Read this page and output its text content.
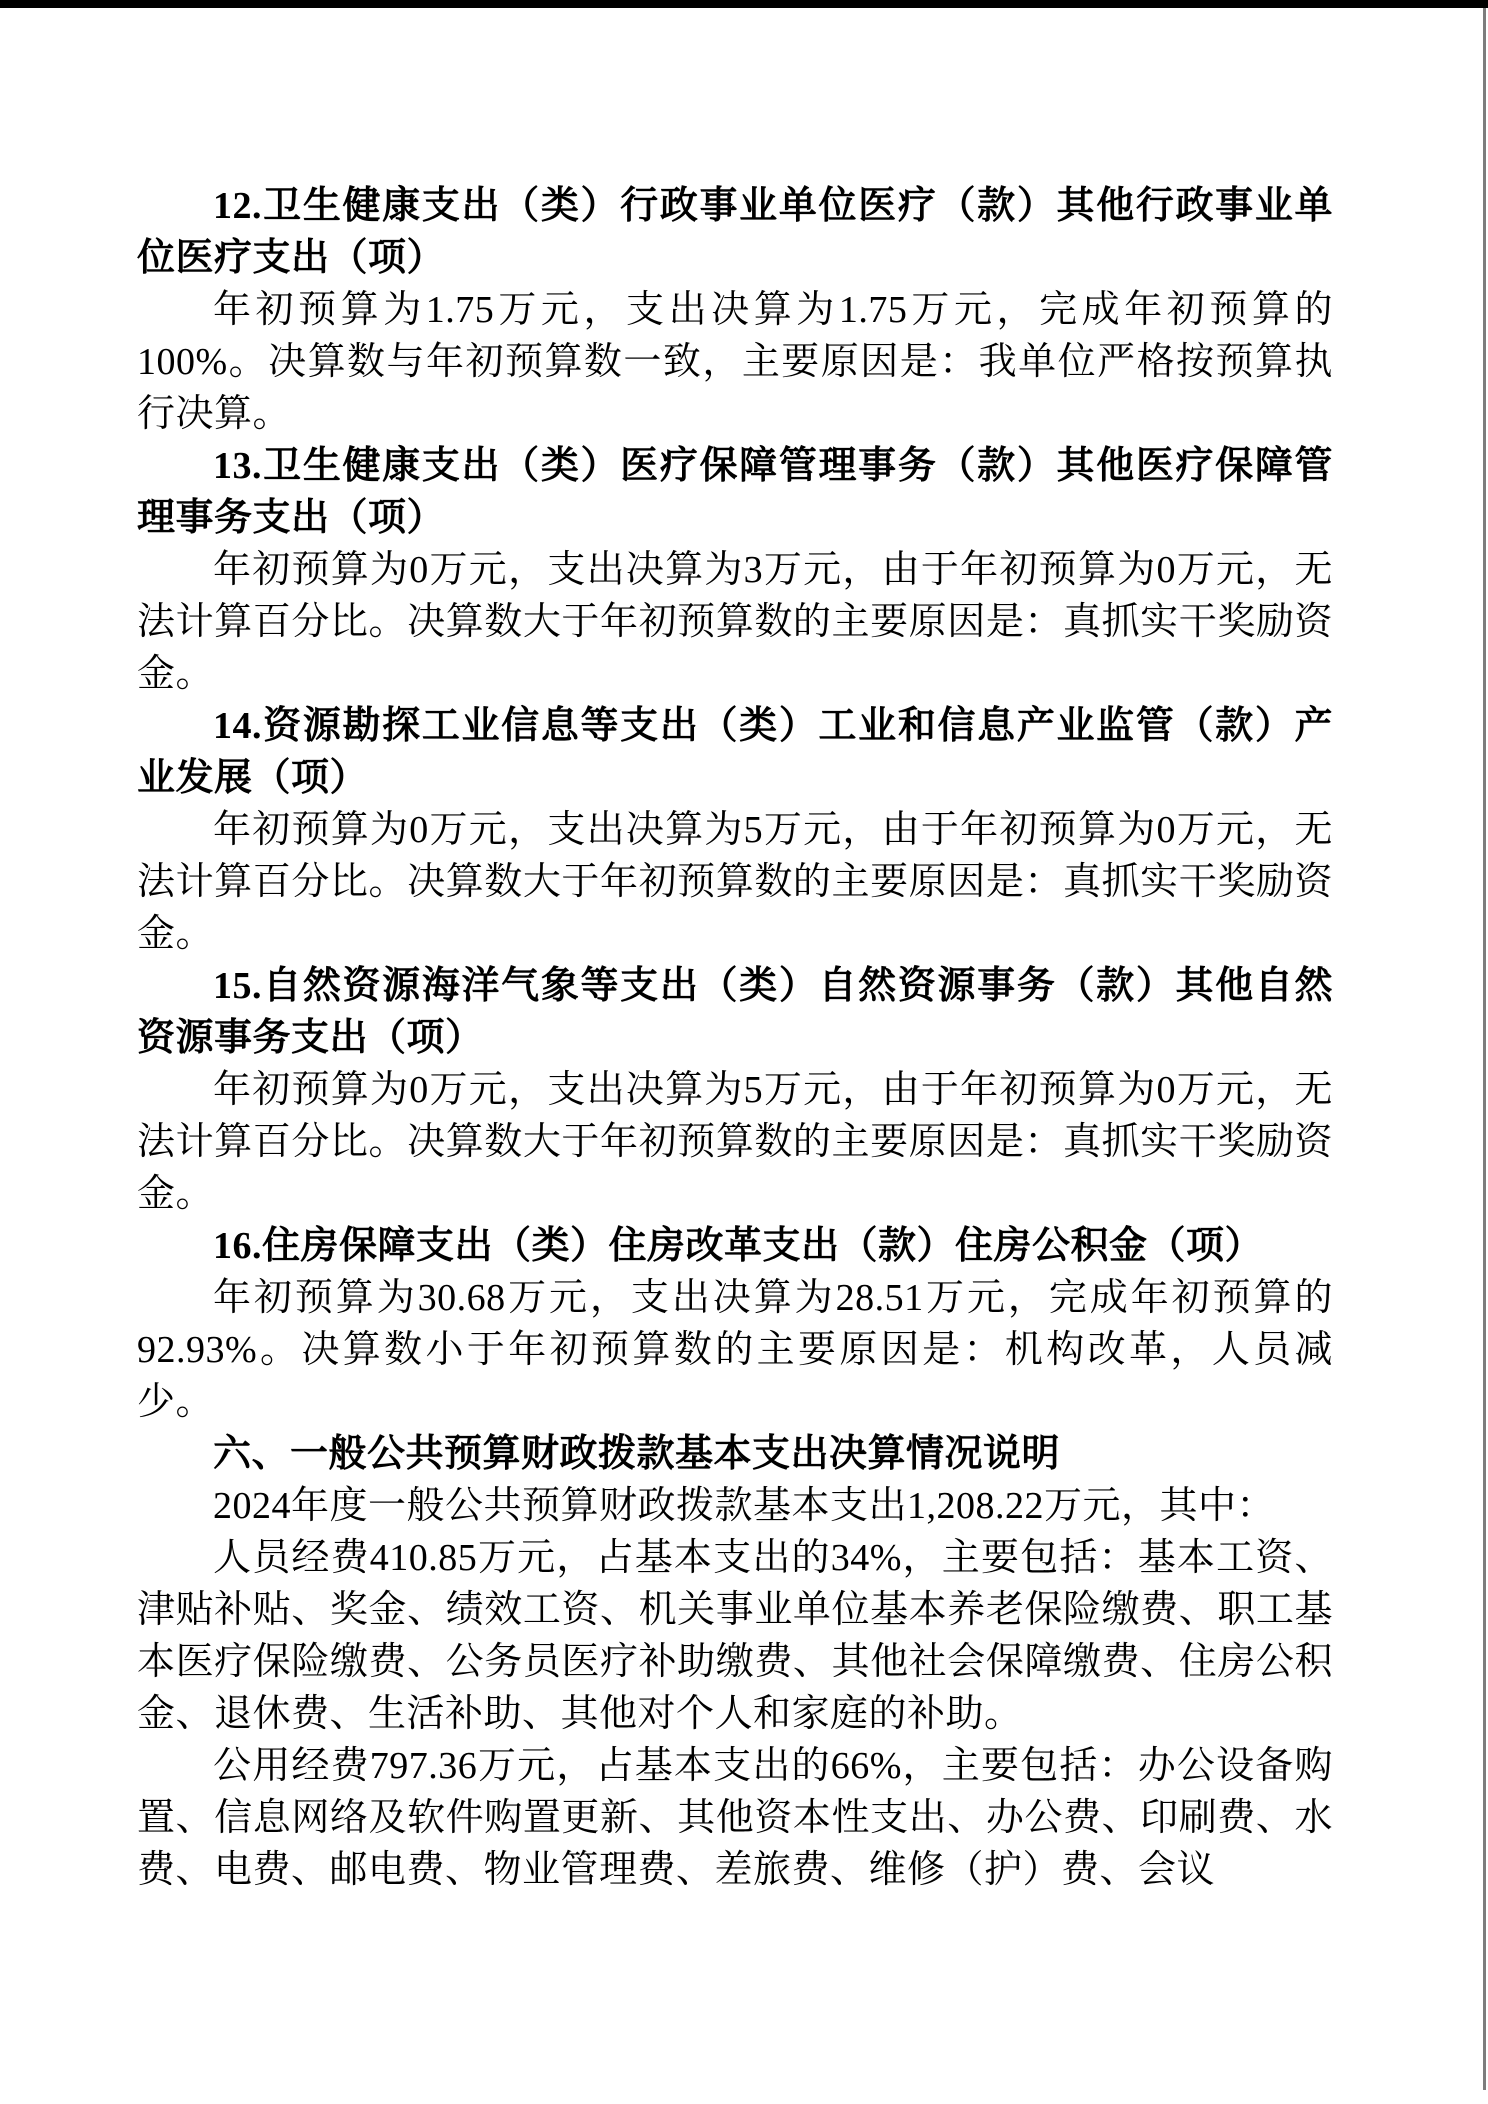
12.卫生健康支出（类）行政事业单位医疗（款）其他行政事业单位医疗支出（项）

年初预算为1.75万元，支出决算为1.75万元，完成年初预算的100%。决算数与年初预算数一致，主要原因是：我单位严格按预算执行决算。

13.卫生健康支出（类）医疗保障管理事务（款）其他医疗保障管理事务支出（项）

年初预算为0万元，支出决算为3万元，由于年初预算为0万元，无法计算百分比。决算数大于年初预算数的主要原因是：真抓实干奖励资金。

14.资源勘探工业信息等支出（类）工业和信息产业监管（款）产业发展（项）

年初预算为0万元，支出决算为5万元，由于年初预算为0万元，无法计算百分比。决算数大于年初预算数的主要原因是：真抓实干奖励资金。

15.自然资源海洋气象等支出（类）自然资源事务（款）其他自然资源事务支出（项）

年初预算为0万元，支出决算为5万元，由于年初预算为0万元，无法计算百分比。决算数大于年初预算数的主要原因是：真抓实干奖励资金。

16.住房保障支出（类）住房改革支出（款）住房公积金（项）

年初预算为30.68万元，支出决算为28.51万元，完成年初预算的92.93%。决算数小于年初预算数的主要原因是：机构改革，人员减少。

六、一般公共预算财政拨款基本支出决算情况说明

2024年度一般公共预算财政拨款基本支出1,208.22万元，其中：

人员经费410.85万元，占基本支出的34%，主要包括：基本工资、津贴补贴、奖金、绩效工资、机关事业单位基本养老保险缴费、职工基本医疗保险缴费、公务员医疗补助缴费、其他社会保障缴费、住房公积金、退休费、生活补助、其他对个人和家庭的补助。

公用经费797.36万元，占基本支出的66%，主要包括：办公设备购置、信息网络及软件购置更新、其他资本性支出、办公费、印刷费、水费、电费、邮电费、物业管理费、差旅费、维修（护）费、会议
